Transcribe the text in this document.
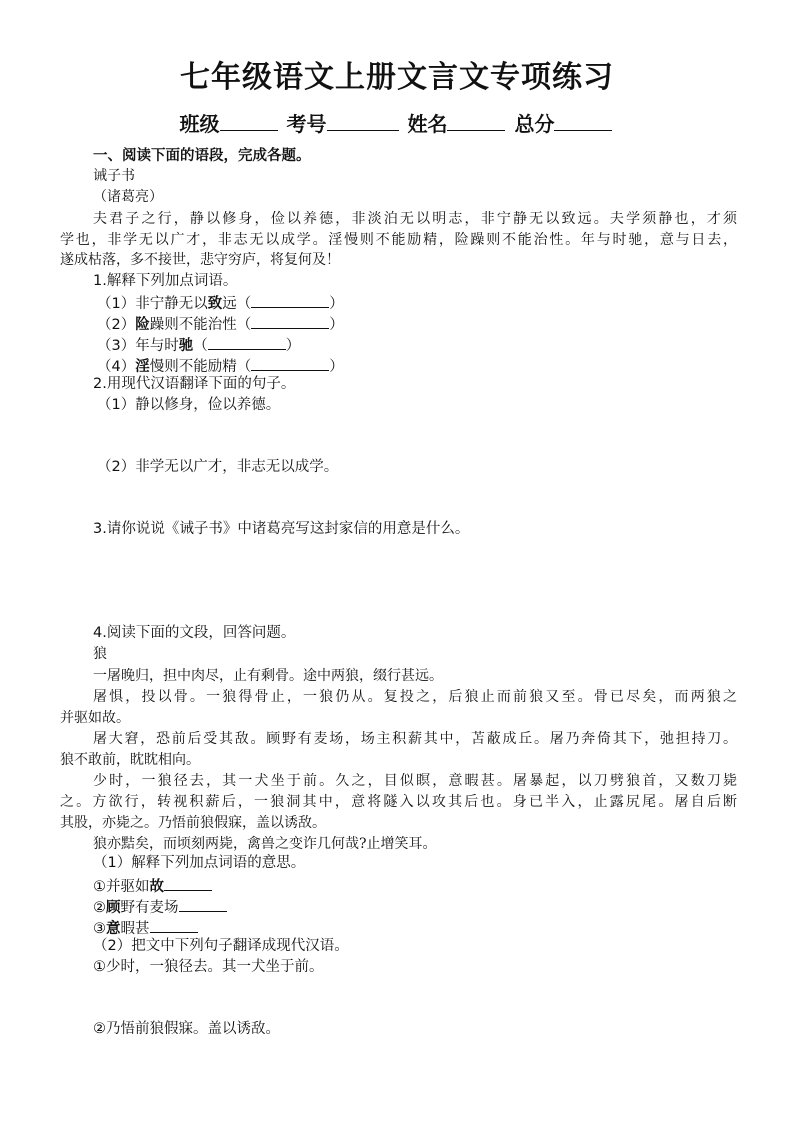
七年级语文上册文言文专项练习
班级	考号	姓名	总分
一、阅读下面的语段，完成各题。
诫子书
（诸葛亮）
夫君子之行，静以修身，俭以养德，非淡泊无以明志，非宁静无以致远。夫学须静也，才须
学也，非学无以广才，非志无以成学。淫慢则不能励精，险躁则不能治性。年与时驰，意与日去，
遂成枯落，多不接世，悲守穷庐，将复何及！
1.解释下列加点词语。
（1）非宁静无以致远（	）
（2）险躁则不能治性（	）
（3）年与时驰（	）
（4）淫慢则不能励精（	）
2.用现代汉语翻译下面的句子。
（1）静以修身，俭以养德。
（2）非学无以广才，非志无以成学。
3.请你说说《诫子书》中诸葛亮写这封家信的用意是什么。
4.阅读下面的文段，回答问题。
狼
一屠晚归，担中肉尽，止有剩骨。途中两狼，缀行甚远。
屠惧，投以骨。一狼得骨止，一狼仍从。复投之，后狼止而前狼又至。骨已尽矣，而两狼之
并驱如故。
屠大窘，恐前后受其敌。顾野有麦场，场主积薪其中，苫蔽成丘。屠乃奔倚其下，弛担持刀。
狼不敢前，眈眈相向。
少时，一狼径去，其一犬坐于前。久之，目似瞑，意暇甚。屠暴起，以刀劈狼首，又数刀毙
之。方欲行，转视积薪后，一狼洞其中，意将隧入以攻其后也。身已半入，止露尻尾。屠自后断
其股，亦毙之。乃悟前狼假寐，盖以诱敌。
狼亦黠矣，而顷刻两毙，禽兽之变诈几何哉?止增笑耳。
（1）解释下列加点词语的意思。
①并驱如故
②顾野有麦场
③意暇甚
（2）把文中下列句子翻译成现代汉语。
①少时，一狼径去。其一犬坐于前。
②乃悟前狼假寐。盖以诱敌。
